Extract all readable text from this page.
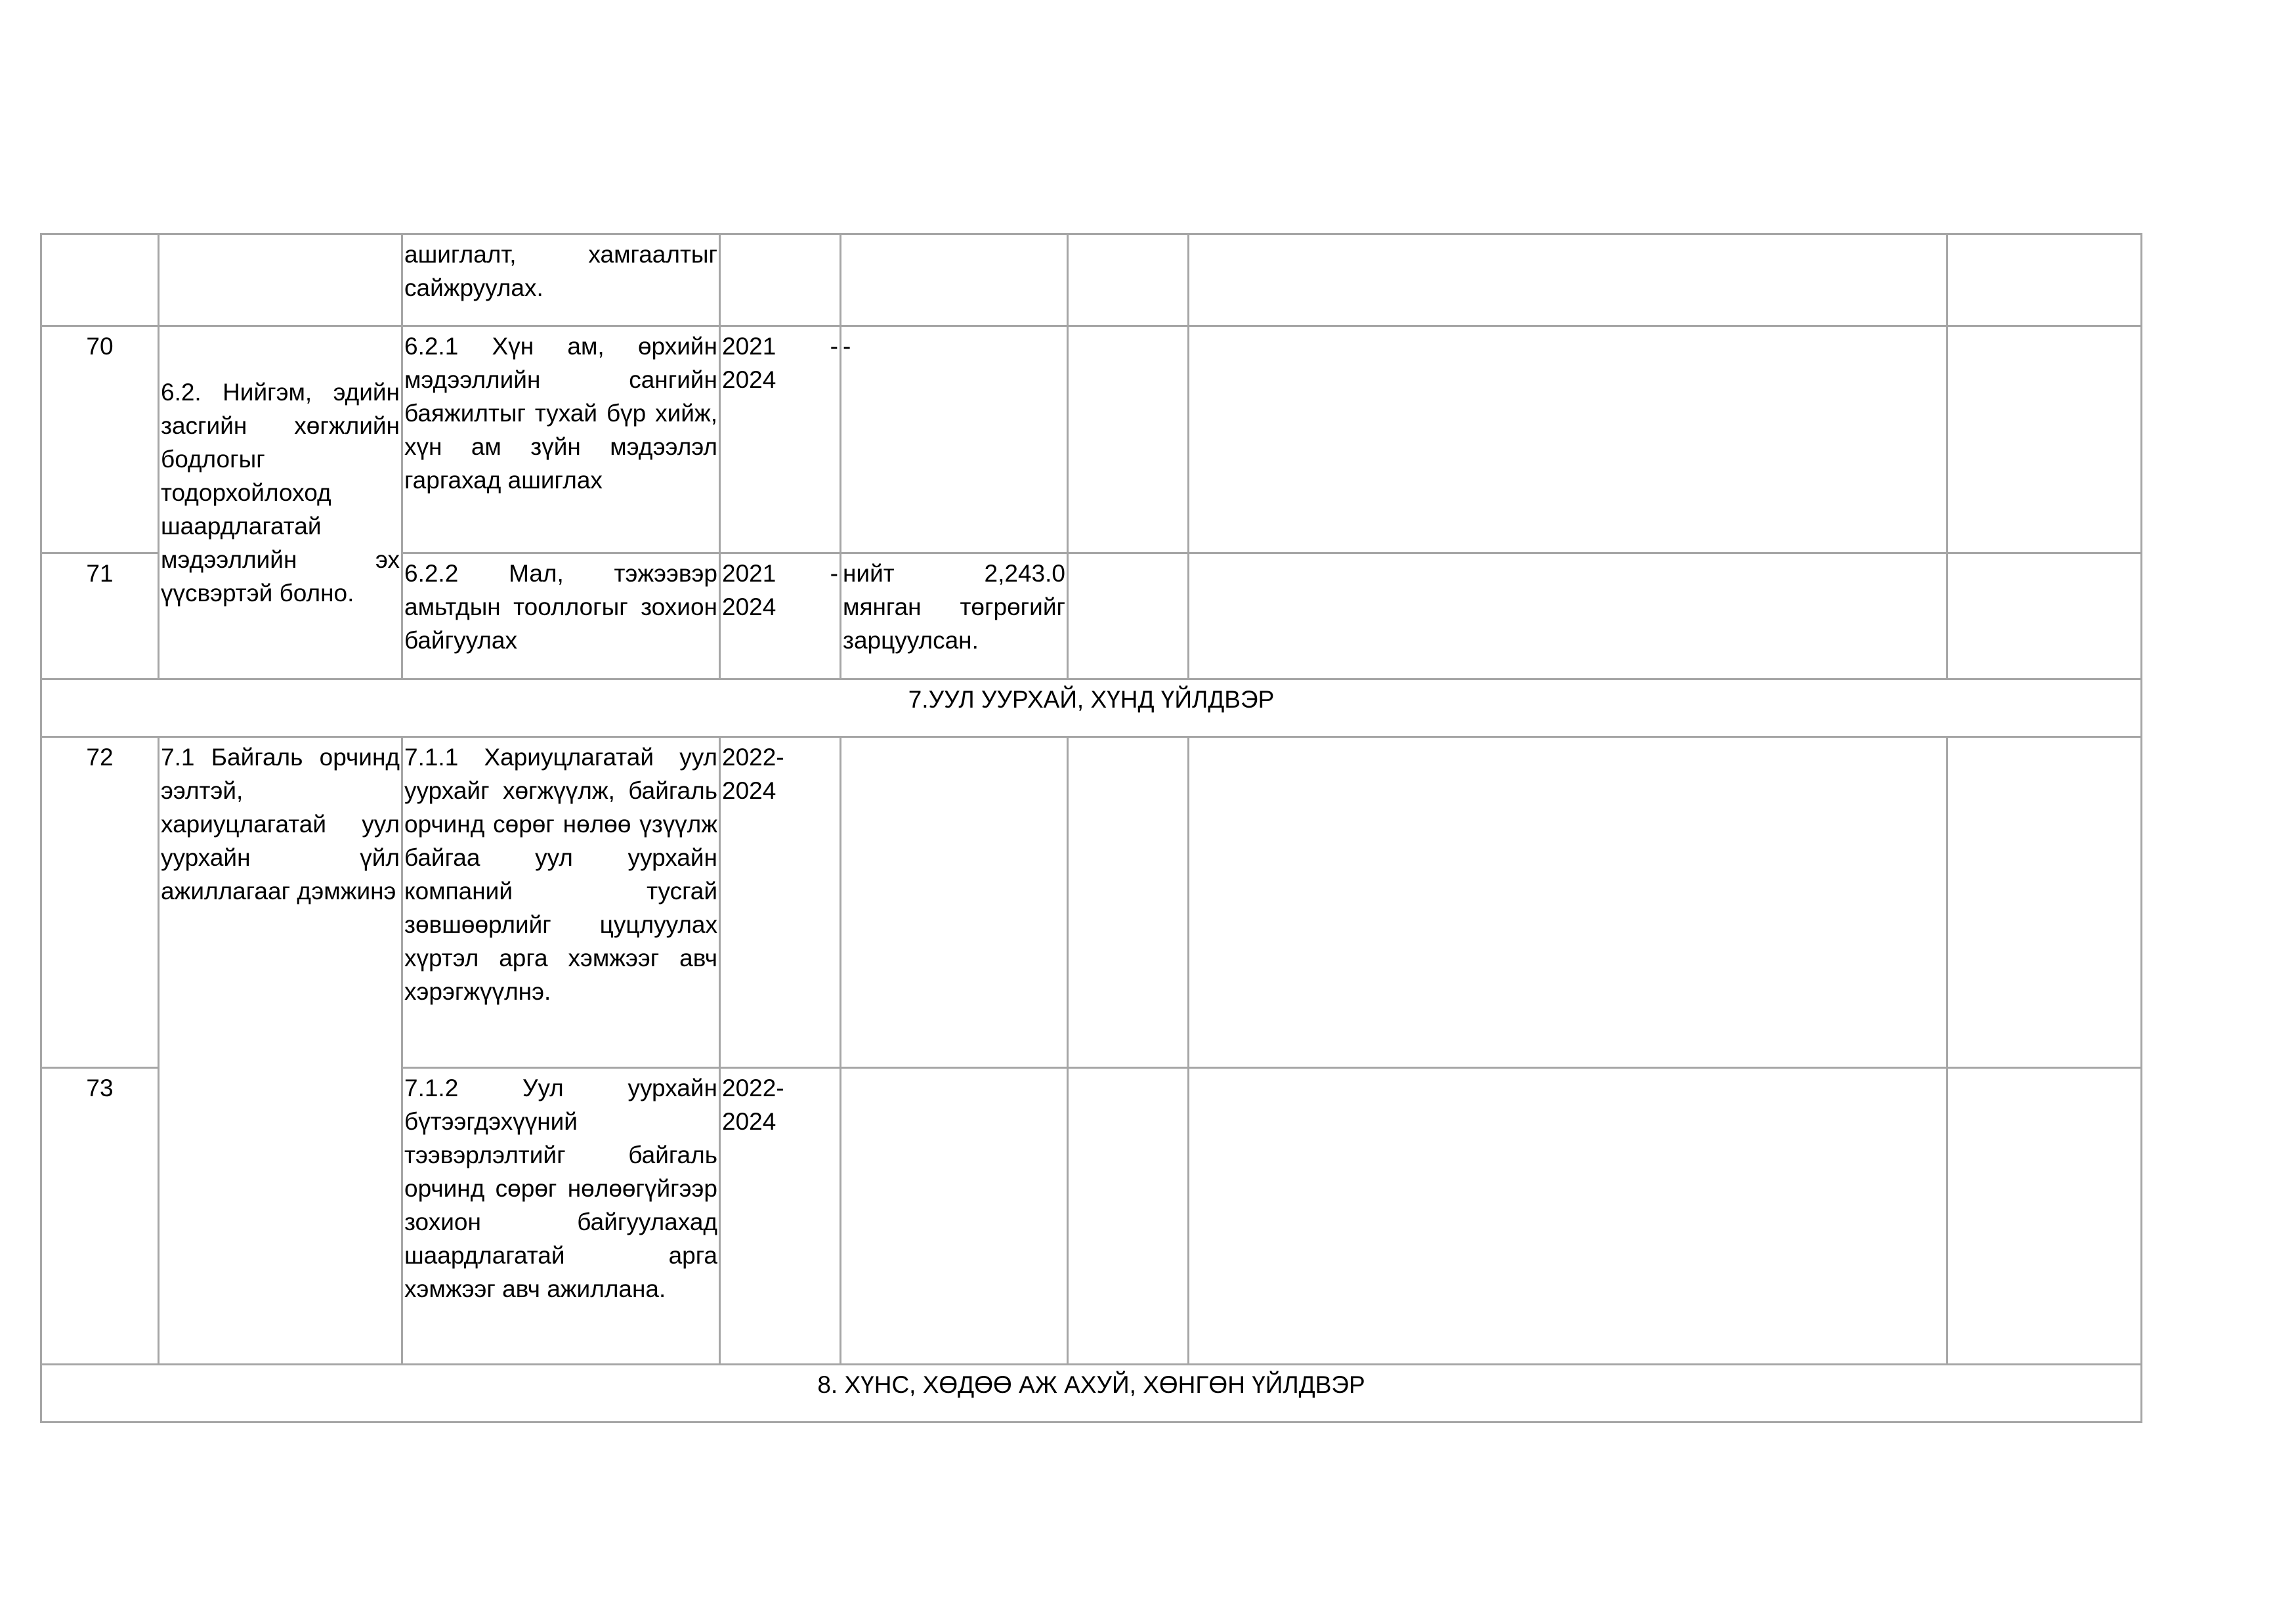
		ашиглалт, хамгаалтыг сайжруулах.					
70	6.2. Нийгэм, эдийн засгийн хөгжлийн бодлогыг тодорхойлоход шаардлагатай мэдээллийн эх үүсвэртэй болно.	6.2.1 Хүн ам, өрхийн мэдээллийн сангийн баяжилтыг тухай бүр хийж, хүн ам зүйн мэдээлэл гаргахад ашиглах	2021 - 2024	-			
71		6.2.2 Мал, тэжээвэр амьтдын тооллогыг зохион байгуулах	2021 - 2024	нийт 2,243.0 мянган төгрөгийг зарцуулсан.			
7.УУЛ УУРХАЙ, ХҮНД ҮЙЛДВЭР							
72	7.1 Байгаль орчинд ээлтэй, хариуцлагатай уул уурхайн үйл ажиллагааг дэмжинэ	7.1.1 Хариуцлагатай уул уурхайг хөгжүүлж, байгаль орчинд сөрөг нөлөө үзүүлж байгаа уул уурхайн компаний тусгай зөвшөөрлийг цуцлуулах хүртэл арга хэмжээг авч хэрэгжүүлнэ.	2022- 2024				
73		7.1.2 Уул уурхайн бүтээгдэхүүний тээвэрлэлтийг байгаль орчинд сөрөг нөлөөгүйгээр зохион байгуулахад шаардлагатай арга хэмжээг авч ажиллана.	2022- 2024				
8. ХҮНС, ХӨДӨӨ АЖ АХУЙ, ХӨНГӨН ҮЙЛДВЭР							
